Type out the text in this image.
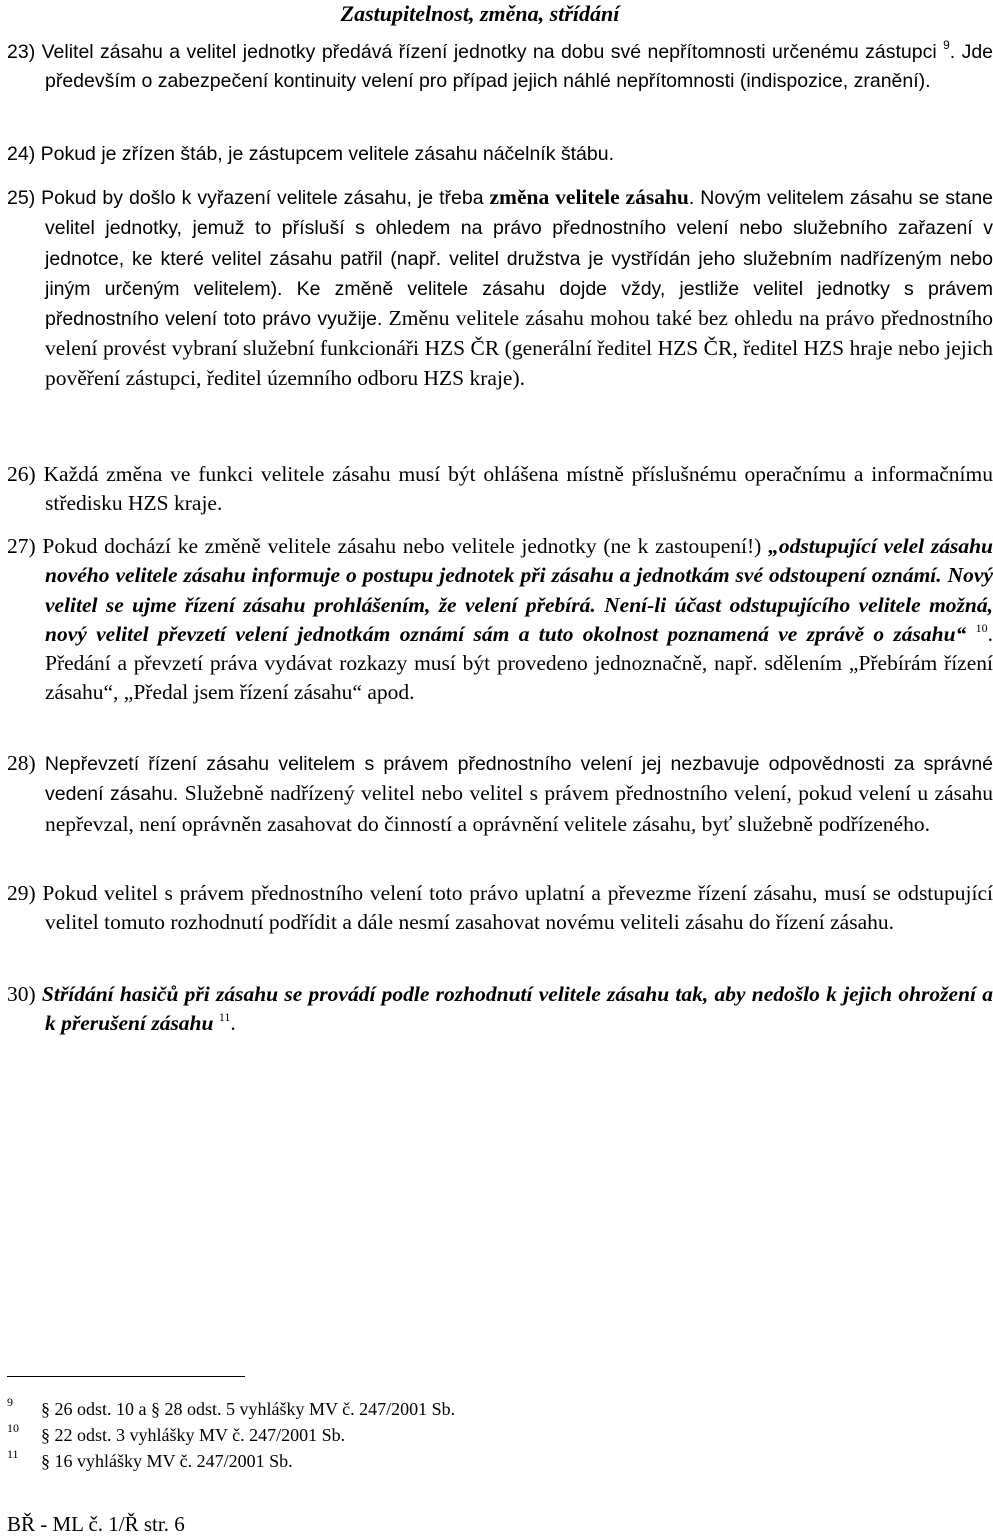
Zastupitelnost, změna, střídání
23) Velitel zásahu a velitel jednotky předává řízení jednotky na dobu své nepřítomnosti určenému zástupci $^9$. Jde především o zabezpečení kontinuity velení pro případ jejich náhlé nepřítomnosti (indispozice, zranění).
24) Pokud je zřízen štáb, je zástupcem velitele zásahu náčelník štábu.
25) Pokud by došlo k vyřazení velitele zásahu, je třeba změna velitele zásahu. Novým velitelem zásahu se stane velitel jednotky, jemuž to přísluší s ohledem na právo přednostního velení nebo služebního zařazení v jednotce, ke které velitel zásahu patřil (např. velitel družstva je vystřídán jeho služebním nadřízeným nebo jiným určeným velitelem). Ke změně velitele zásahu dojde vždy, jestliže velitel jednotky s právem přednostního velení toto právo využije. Změnu velitele zásahu mohou také bez ohledu na právo přednostního velení provést vybraní služební funkcionáři HZS ČR (generální ředitel HZS ČR, ředitel HZS hraje nebo jejich pověření zástupci, ředitel územního odboru HZS kraje).
26) Každá změna ve funkci velitele zásahu musí být ohlášena místně příslušnému operačnímu a informačnímu středisku HZS kraje.
27) Pokud dochází ke změně velitele zásahu nebo velitele jednotky (ne k zastoupení!) „odstupující velel zásahu nového velitele zásahu informuje o postupu jednotek při zásahu a jednotkám své odstoupení oznámí. Nový velitel se ujme řízení zásahu prohlášením, že velení přebírá. Není-li účast odstupujícího velitele možná, nový velitel převzetí velení jednotkám oznámí sám a tuto okolnost poznamená ve zprávě o zásahu“ $^{10}$. Předání a převzetí práva vydávat rozkazy musí být provedeno jednoznačně, např. sdělením „Přebírám řízení zásahu“, „Předal jsem řízení zásahu“ apod.
28) Nepřevzetí řízení zásahu velitelem s právem přednostního velení jej nezbavuje odpovědnosti za správné vedení zásahu. Služebně nadřízený velitel nebo velitel s právem přednostního velení, pokud velení u zásahu nepřevzal, není oprávněn zasahovat do činností a oprávnění velitele zásahu, byť služebně podřízeného.
29) Pokud velitel s právem přednostního velení toto právo uplatní a převezme řízení zásahu, musí se odstupující velitel tomuto rozhodnutí podřídit a dále nesmí zasahovat novému veliteli zásahu do řízení zásahu.
30) Střídání hasičů při zásahu se provádí podle rozhodnutí velitele zásahu tak, aby nedošlo k jejich ohrožení a k přerušení zásahu $^{11}$.
9 § 26 odst. 10 a § 28 odst. 5 vyhlášky MV č. 247/2001 Sb.
10 § 22 odst. 3 vyhlášky MV č. 247/2001 Sb.
11 § 16 vyhlášky MV č. 247/2001 Sb.
BŘ - ML č. 1/Ř str. 6
